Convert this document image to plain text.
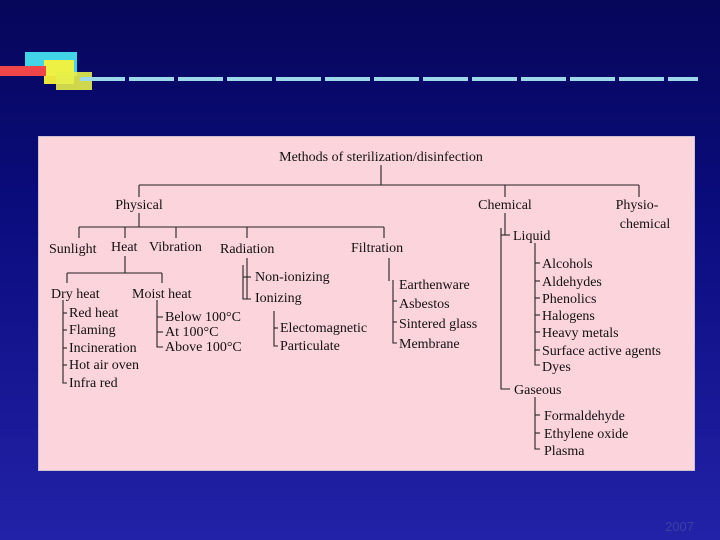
Methods of sterilization/disinfection
Physical	Chemical	Physio-
chemical
Sunlight Heat Vibration Radiation	Filtration
Dry heat Moist heat
Red heat
Flaming
Incineration
Hot air oven
Infra red
Below 100°C
At 100°C
Above 100°C
Non-ionizing
Ionizing
Electomagnetic
Particulate
Earthenware
Asbestos
Sintered glass
Membrane
Liquid
Alcohols
Aldehydes
Phenolics
Halogens
Heavy metals
Surface active agents
Dyes
Gaseous
Formaldehyde
Ethylene oxide
Plasma
2007
